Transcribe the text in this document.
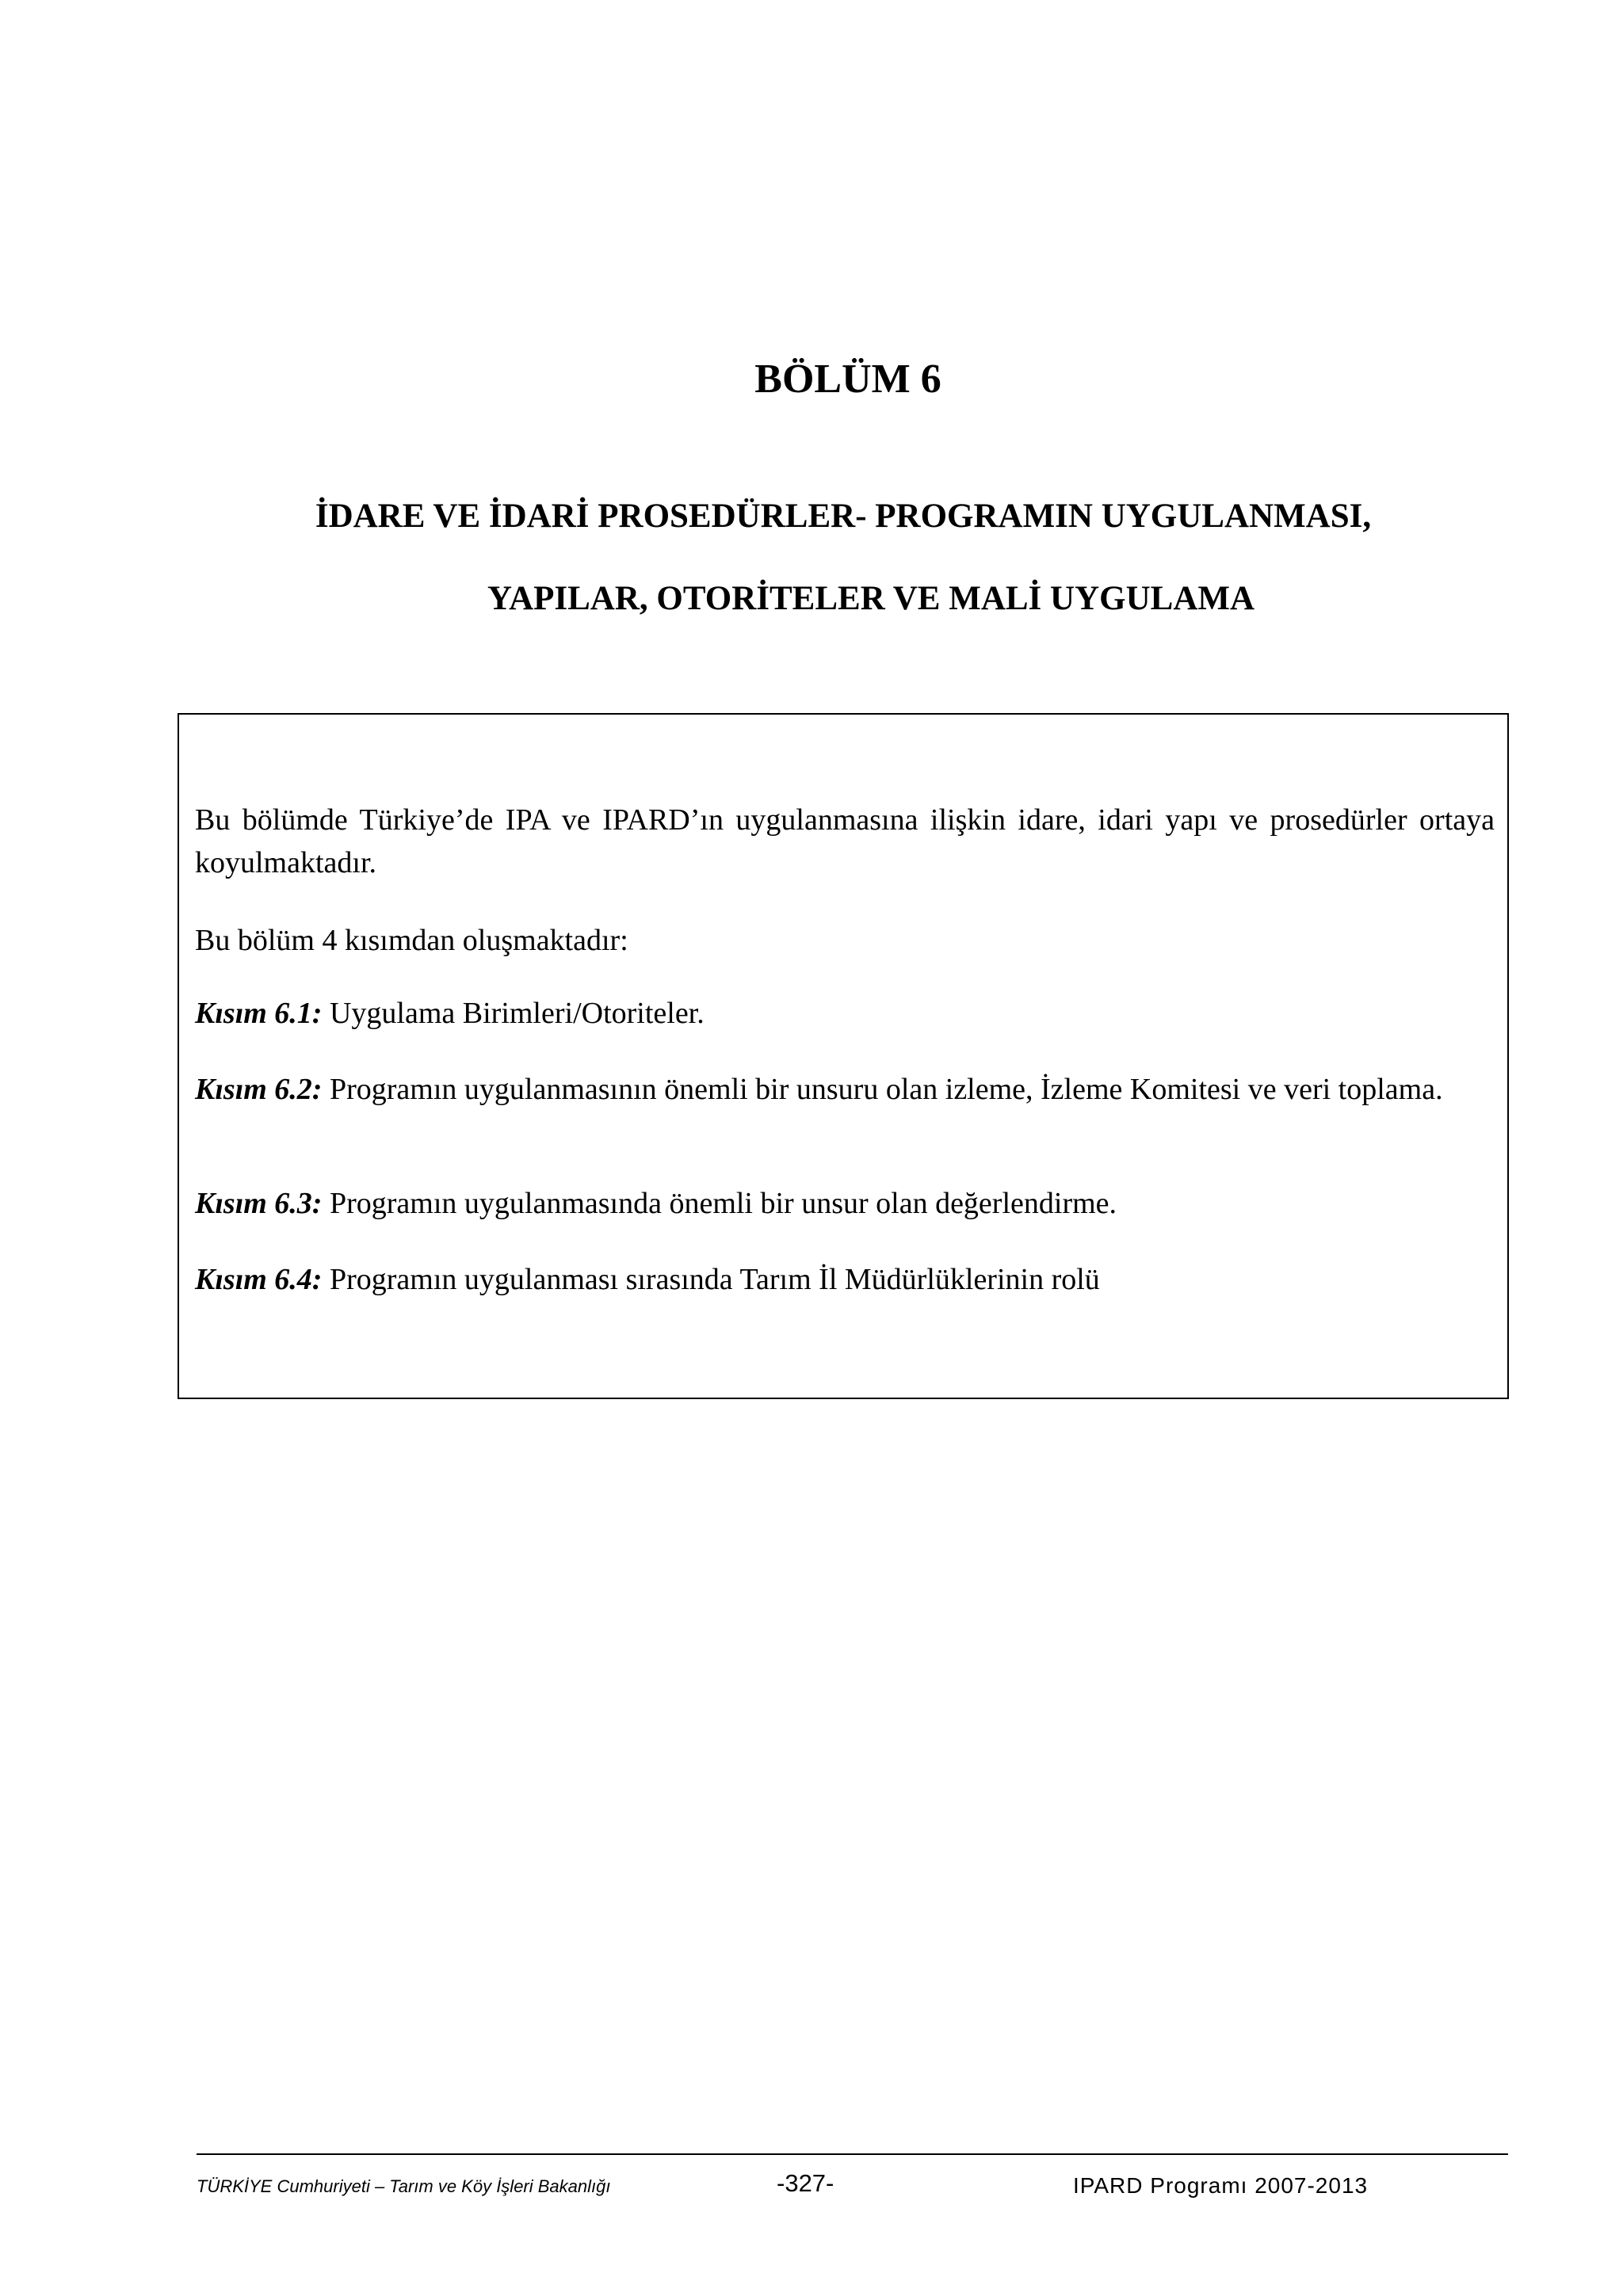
BÖLÜM 6
İDARE VE İDARİ PROSEDÜRLER- PROGRAMIN UYGULANMASI,
YAPILAR, OTORİTELER VE MALİ UYGULAMA

Bu bölümde Türkiye’de IPA ve IPARD’ın uygulanmasına ilişkin idare, idari yapı ve prosedürler ortaya koyulmaktadır.

Bu bölüm 4 kısımdan oluşmaktadır:

Kısım 6.1: Uygulama Birimleri/Otoriteler.

Kısım 6.2: Programın uygulanmasının önemli bir unsuru olan izleme, İzleme Komitesi ve veri toplama.

Kısım 6.3: Programın uygulanmasında önemli bir unsur olan değerlendirme.

Kısım 6.4: Programın uygulanması sırasında Tarım İl Müdürlüklerinin rolü

TÜRKİYE Cumhuriyeti – Tarım ve Köy İşleri Bakanlığı	-327-	IPARD Programı 2007-2013
